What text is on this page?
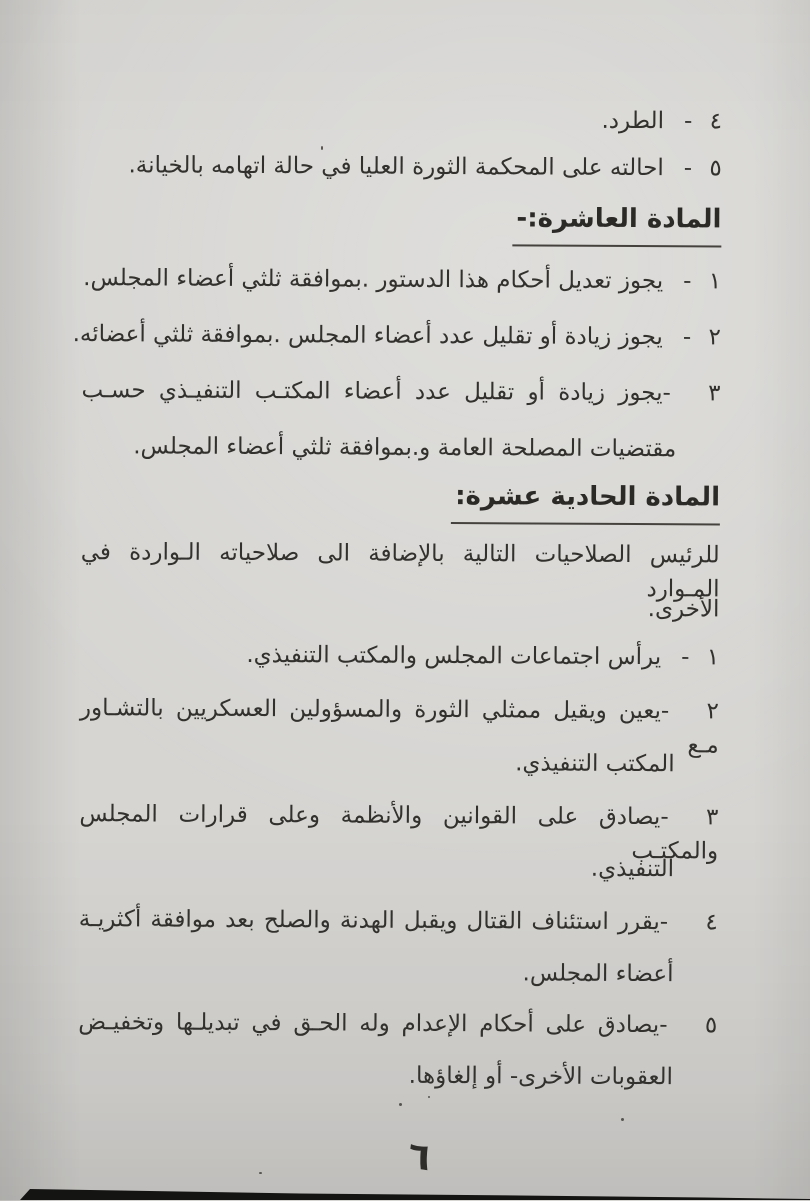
٤ -الطرد.
٥ -احالته على المحكمة الثورة العليا في حالة اتهامه بالخيانة.
المادة العاشرة:-
١ -يجوز تعديل أحكام هذا الدستور .بموافقة ثلثي أعضاء المجلس.
٢ -يجوز زيادة أو تقليل عدد أعضاء المجلس .بموافقة ثلثي أعضائه.
٣ -يجوز زيادة أو تقليل عدد أعضاء المكتـب التنفيـذي حسـب
مقتضيات المصلحة العامة و.بموافقة ثلثي أعضاء المجلس.
المادة الحادية عشرة:
للرئيس الصلاحيات التالية بالإضافة الى صلاحياته الـواردة في المـوارد
الأخرى.
١ -يرأس اجتماعات المجلس والمكتب التنفيذي.
٢ -يعين ويقيل ممثلي الثورة والمسؤولين العسكريين بالتشـاور مـع
المكتب التنفيذي.
٣ -يصادق على القوانين والأنظمة وعلى قرارات المجلس والمكتـب
التنفيذي.
٤ -يقرر استئناف القتال ويقبل الهدنة والصلح بعد موافقة أكثريـة
أعضاء المجلس.
٥ -يصادق على أحكام الإعدام وله الحـق في تبديلـها وتخفيـض
العقوبات الأخرى- أو إلغاؤها.
٦
